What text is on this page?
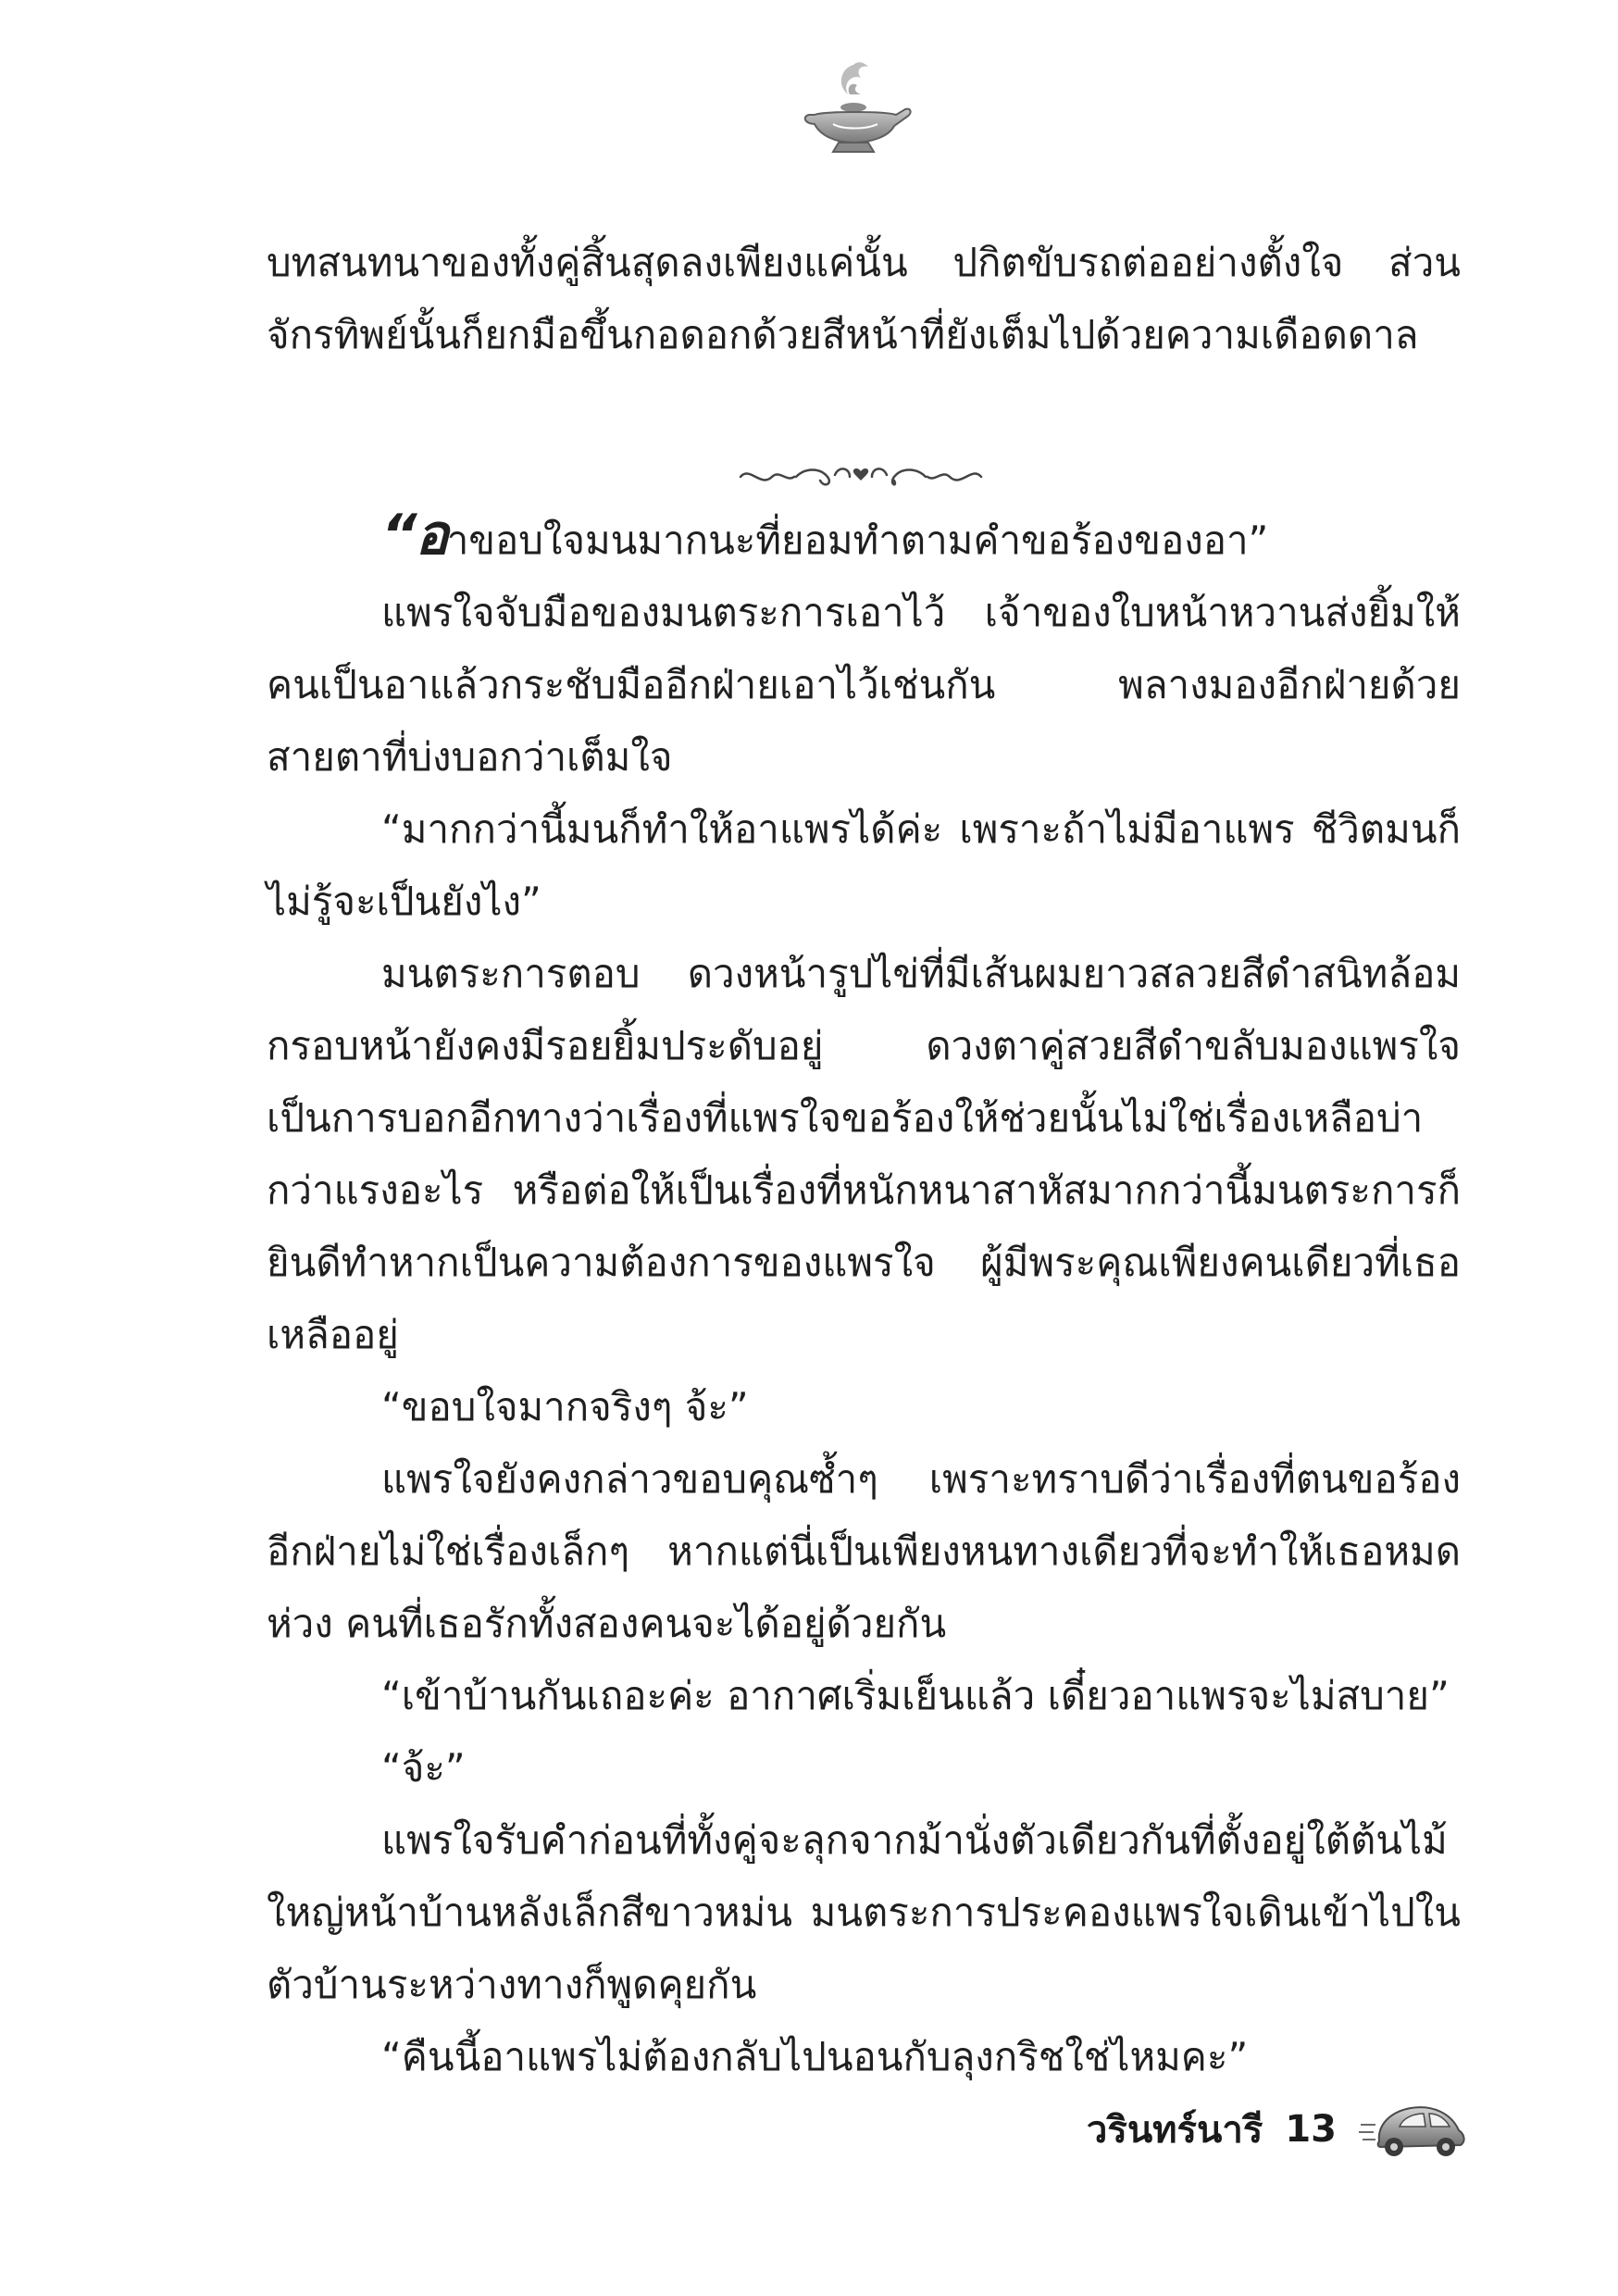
บทสนทนาของทั้งคู่สิ้นสุดลงเพียงแค่นั้น ปกิตขับรถต่ออย่างตั้งใจ ส่วนจักรทิพย์นั้นก็ยกมือขึ้นกอดอกด้วยสีหน้าที่ยังเต็มไปด้วยความเดือดดาล

“อาขอบใจมนมากนะที่ยอมทำตามคำขอร้องของอา”

แพรใจจับมือของมนตระการเอาไว้ เจ้าของใบหน้าหวานส่งยิ้มให้คนเป็นอาแล้วกระชับมืออีกฝ่ายเอาไว้เช่นกัน พลางมองอีกฝ่ายด้วยสายตาที่บ่งบอกว่าเต็มใจ

“มากกว่านี้มนก็ทำให้อาแพรได้ค่ะ เพราะถ้าไม่มีอาแพร ชีวิตมนก็ไม่รู้จะเป็นยังไง”

มนตระการตอบ ดวงหน้ารูปไข่ที่มีเส้นผมยาวสลวยสีดำสนิทล้อมกรอบหน้ายังคงมีรอยยิ้มประดับอยู่ ดวงตาคู่สวยสีดำขลับมองแพรใจเป็นการบอกอีกทางว่าเรื่องที่แพรใจขอร้องให้ช่วยนั้นไม่ใช่เรื่องเหลือบ่ากว่าแรงอะไร หรือต่อให้เป็นเรื่องที่หนักหนาสาหัสมากกว่านี้มนตระการก็ยินดีทำหากเป็นความต้องการของแพรใจ ผู้มีพระคุณเพียงคนเดียวที่เธอเหลืออยู่

“ขอบใจมากจริงๆ จ้ะ”

แพรใจยังคงกล่าวขอบคุณซ้ำๆ เพราะทราบดีว่าเรื่องที่ตนขอร้องอีกฝ่ายไม่ใช่เรื่องเล็กๆ หากแต่นี่เป็นเพียงหนทางเดียวที่จะทำให้เธอหมดห่วง คนที่เธอรักทั้งสองคนจะได้อยู่ด้วยกัน

“เข้าบ้านกันเถอะค่ะ อากาศเริ่มเย็นแล้ว เดี๋ยวอาแพรจะไม่สบาย”

“จ้ะ”

แพรใจรับคำก่อนที่ทั้งคู่จะลุกจากม้านั่งตัวเดียวกันที่ตั้งอยู่ใต้ต้นไม้ใหญ่หน้าบ้านหลังเล็กสีขาวหม่น มนตระการประคองแพรใจเดินเข้าไปในตัวบ้านระหว่างทางก็พูดคุยกัน

“คืนนี้อาแพรไม่ต้องกลับไปนอนกับลุงกริชใช่ไหมคะ”

วรินทร์นารี 13
